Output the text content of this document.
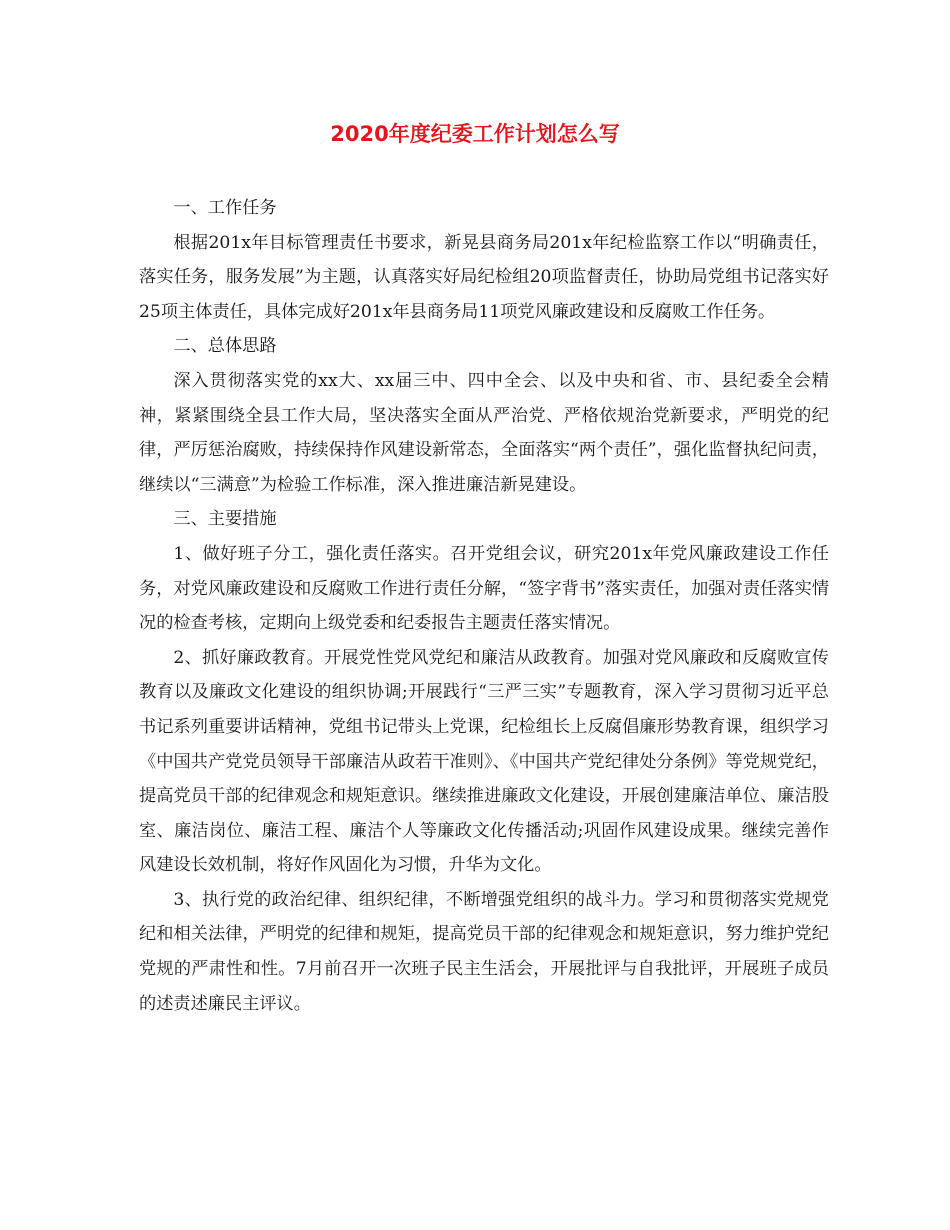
2020年度纪委工作计划怎么写

一、工作任务

根据201x年目标管理责任书要求，新晃县商务局201x年纪检监察工作以“明确责任，落实任务，服务发展”为主题，认真落实好局纪检组20项监督责任，协助局党组书记落实好25项主体责任，具体完成好201x年县商务局11项党风廉政建设和反腐败工作任务。

二、总体思路

深入贯彻落实党的xx大、xx届三中、四中全会、以及中央和省、市、县纪委全会精神，紧紧围绕全县工作大局，坚决落实全面从严治党、严格依规治党新要求，严明党的纪律，严厉惩治腐败，持续保持作风建设新常态，全面落实“两个责任”，强化监督执纪问责，继续以“三满意”为检验工作标准，深入推进廉洁新晃建设。

三、主要措施

1、做好班子分工，强化责任落实。召开党组会议，研究201x年党风廉政建设工作任务，对党风廉政建设和反腐败工作进行责任分解，“签字背书”落实责任，加强对责任落实情况的检查考核，定期向上级党委和纪委报告主题责任落实情况。

2、抓好廉政教育。开展党性党风党纪和廉洁从政教育。加强对党风廉政和反腐败宣传教育以及廉政文化建设的组织协调;开展践行“三严三实”专题教育，深入学习贯彻习近平总书记系列重要讲话精神，党组书记带头上党课，纪检组长上反腐倡廉形势教育课，组织学习《中国共产党党员领导干部廉洁从政若干准则》、《中国共产党纪律处分条例》等党规党纪，提高党员干部的纪律观念和规矩意识。继续推进廉政文化建设，开展创建廉洁单位、廉洁股室、廉洁岗位、廉洁工程、廉洁个人等廉政文化传播活动;巩固作风建设成果。继续完善作风建设长效机制，将好作风固化为习惯，升华为文化。

3、执行党的政治纪律、组织纪律，不断增强党组织的战斗力。学习和贯彻落实党规党纪和相关法律，严明党的纪律和规矩，提高党员干部的纪律观念和规矩意识，努力维护党纪党规的严肃性和性。7月前召开一次班子民主生活会，开展批评与自我批评，开展班子成员的述责述廉民主评议。
